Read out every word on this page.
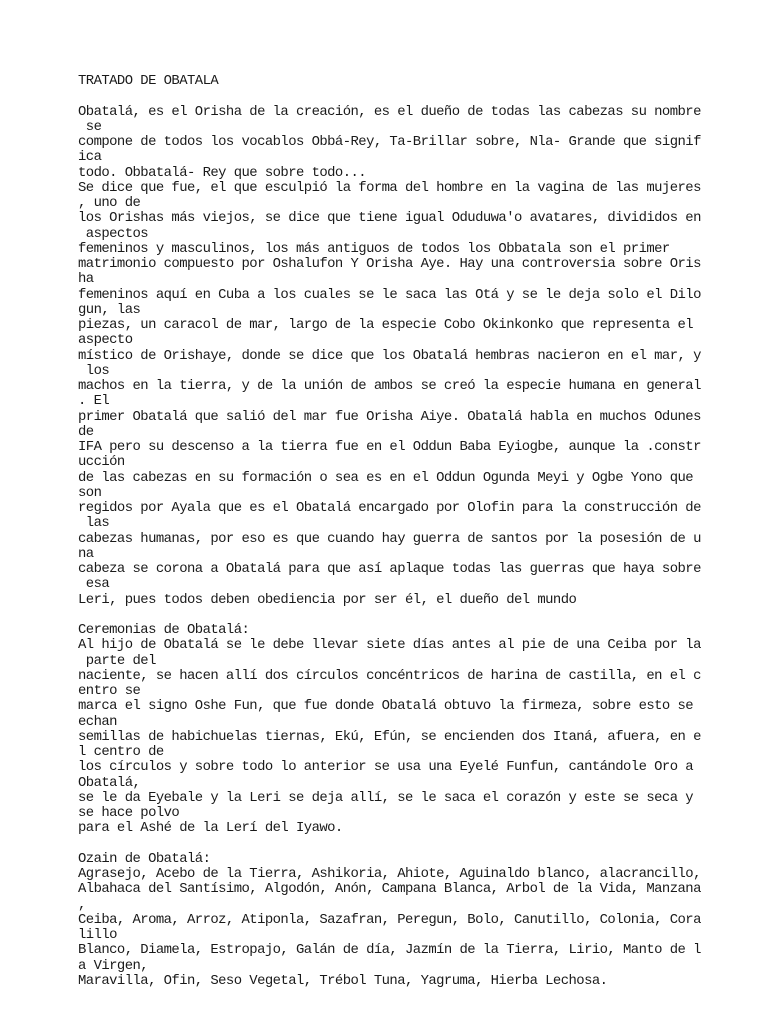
TRATADO DE OBATALA
Obatalá, es el Orisha de la creación, es el dueño de todas las cabezas su nombre
se
compone de todos los vocablos Obbá-Rey, Ta-Brillar sobre, Nla- Grande que signif
ica
todo. Obbatalá- Rey que sobre todo...
Se dice que fue, el que esculpió la forma del hombre en la vagina de las mujeres
, uno de
los Orishas más viejos, se dice que tiene igual Oduduwa'o avatares, divididos en
aspectos
femeninos y masculinos, los más antiguos de todos los Obbatala son el primer
matrimonio compuesto por Oshalufon Y Orisha Aye. Hay una controversia sobre Oris
ha
femeninos aquí en Cuba a los cuales se le saca las Otá y se le deja solo el Dilo
gun, las
piezas, un caracol de mar, largo de la especie Cobo Okinkonko que representa el
aspecto
místico de Orishaye, donde se dice que los Obatalá hembras nacieron en el mar, y
los
machos en la tierra, y de la unión de ambos se creó la especie humana en general
. El
primer Obatalá que salió del mar fue Orisha Aiye. Obatalá habla en muchos Odunes
de
IFA pero su descenso a la tierra fue en el Oddun Baba Eyiogbe, aunque la .constr
ucción
de las cabezas en su formación o sea es en el Oddun Ogunda Meyi y Ogbe Yono que
son
regidos por Ayala que es el Obatalá encargado por Olofin para la construcción de
las
cabezas humanas, por eso es que cuando hay guerra de santos por la posesión de u
na
cabeza se corona a Obatalá para que así aplaque todas las guerras que haya sobre
esa
Leri, pues todos deben obediencia por ser él, el dueño del mundo
Ceremonias de Obatalá:
Al hijo de Obatalá se le debe llevar siete días antes al pie de una Ceiba por la
parte del
naciente, se hacen allí dos círculos concéntricos de harina de castilla, en el c
entro se
marca el signo Oshe Fun, que fue donde Obatalá obtuvo la firmeza, sobre esto se
echan
semillas de habichuelas tiernas, Ekú, Efún, se encienden dos Itaná, afuera, en e
l centro de
los círculos y sobre todo lo anterior se usa una Eyelé Funfun, cantándole Oro a
Obatalá,
se le da Eyebale y la Leri se deja allí, se le saca el corazón y este se seca y
se hace polvo
para el Ashé de la Lerí del Iyawo.
Ozain de Obatalá:
Agrasejo, Acebo de la Tierra, Ashikoria, Ahiote, Aguinaldo blanco, alacrancillo,
Albahaca del Santísimo, Algodón, Anón, Campana Blanca, Arbol de la Vida, Manzana
,
Ceiba, Aroma, Arroz, Atiponla, Sazafran, Peregun, Bolo, Canutillo, Colonia, Cora
lillo
Blanco, Diamela, Estropajo, Galán de día, Jazmín de la Tierra, Lirio, Manto de l
a Virgen,
Maravilla, Ofin, Seso Vegetal, Trébol Tuna, Yagruma, Hierba Lechosa.
